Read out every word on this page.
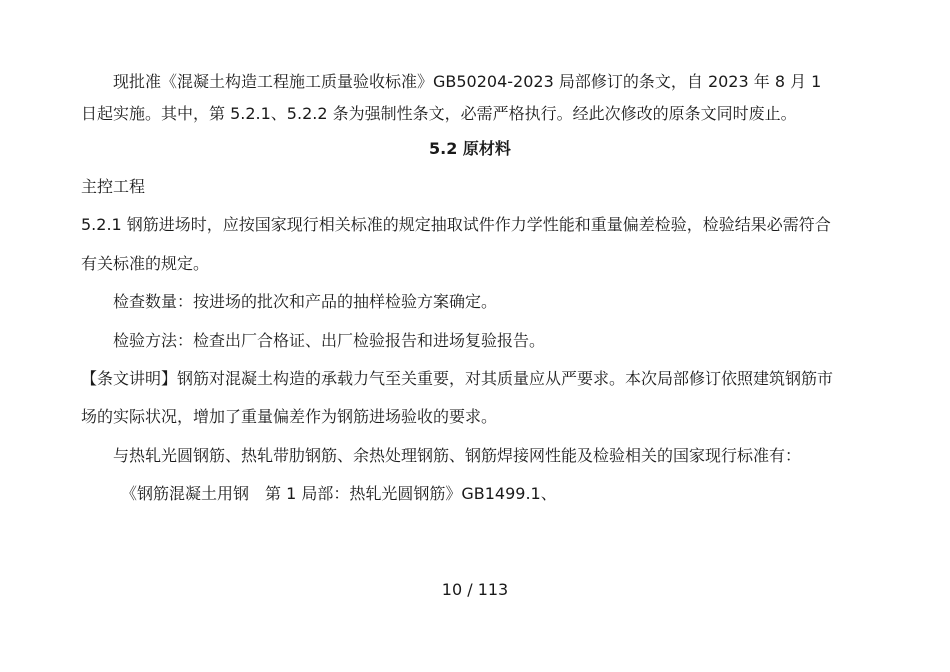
现批准《混凝土构造工程施工质量验收标准》GB50204-2023 局部修订的条文，自 2023 年 8 月 1
日起实施。其中，第 5.2.1、5.2.2 条为强制性条文，必需严格执行。经此次修改的原条文同时废止。
5.2 原材料
主控工程
5.2.1 钢筋进场时，应按国家现行相关标准的规定抽取试件作力学性能和重量偏差检验，检验结果必需符合
有关标准的规定。
检查数量：按进场的批次和产品的抽样检验方案确定。
检验方法：检查出厂合格证、出厂检验报告和进场复验报告。
【条文讲明】钢筋对混凝土构造的承载力气至关重要，对其质量应从严要求。本次局部修订依照建筑钢筋市
场的实际状况，增加了重量偏差作为钢筋进场验收的要求。
与热轧光圆钢筋、热轧带肋钢筋、余热处理钢筋、钢筋焊接网性能及检验相关的国家现行标准有：
《钢筋混凝土用钢　第 1 局部：热轧光圆钢筋》GB1499.1、
10 / 113
